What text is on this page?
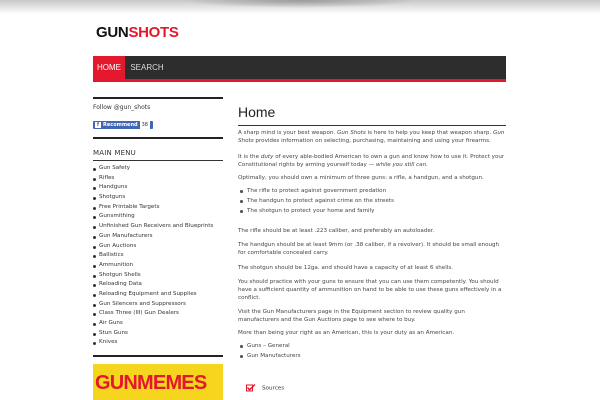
GUNSHOTS
HOME	SEARCH
Follow @gun_shots
f Recommend 38
MAIN MENU
Gun Safety
Rifles
Handguns
Shotguns
Free Printable Targets
Gunsmithing
Unfinished Gun Receivers and Blueprints
Gun Manufacturers
Gun Auctions
Ballistics
Ammunition
Shotgun Shells
Reloading Data
Reloading Equipment and Supplies
Gun Silencers and Suppressors
Class Three (III) Gun Dealers
Air Guns
Stun Guns
Knives
GUNMEMES
Home

A sharp mind is your best weapon. Gun Shots is here to help you keep that weapon sharp. Gun Shots provides information on selecting, purchasing, maintaining and using your firearms.

It is the duty of every able-bodied American to own a gun and know how to use it. Protect your Constitutional rights by arming yourself today — while you still can.

Optimally, you should own a minimum of three guns: a rifle, a handgun, and a shotgun.

The rifle to protect against government predation
The handgun to protect against crime on the streets
The shotgun to protect your home and family

The rifle should be at least .223 caliber, and preferably an autoloader.

The handgun should be at least 9mm (or .38 caliber, if a revolver). It should be small enough for comfortable concealed carry.

The shotgun should be 12ga. and should have a capacity of at least 6 shells.

You should practice with your guns to ensure that you can use them competently. You should have a sufficient quantity of ammunition on hand to be able to use these guns effectively in a conflict.

Visit the Gun Manufacturers page in the Equipment section to review quality gun manufacturers and the Gun Auctions page to see where to buy.

More than being your right as an American, this is your duty as an American.

Guns – General
Gun Manufacturers
Sources
